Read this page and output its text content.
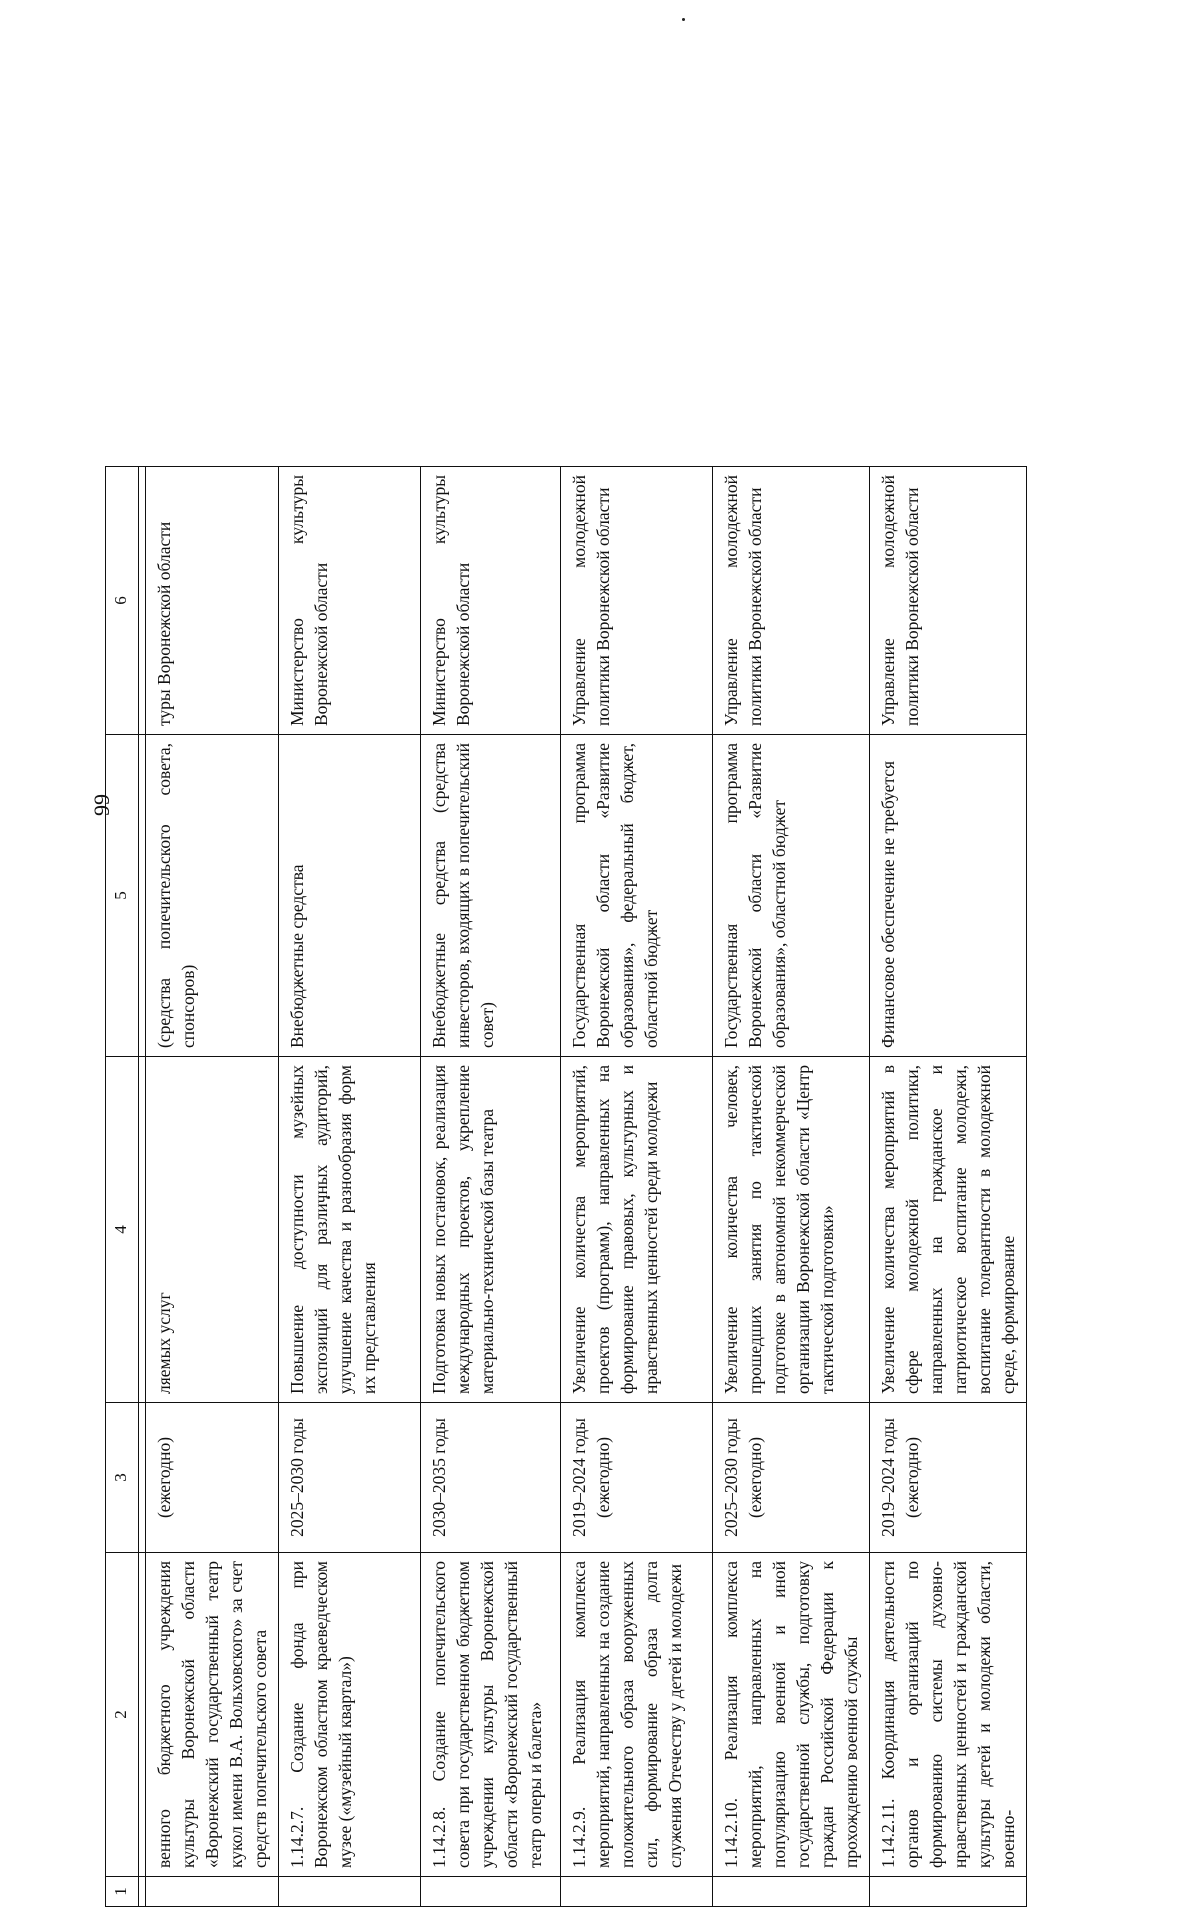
99
1	2	3	4	5	6

	венного бюджетного учреждения культуры Воронежской области «Воронежский государственный театр кукол имени В.А. Вольховского» за счет средств попечительского совета	(ежегодно)	ляемых услуг	(средства попечительского совета, спонсоров)	туры Воронежской области
	1.14.2.7. Создание фонда при Воронежском областном краеведческом музее («музейный квартал»)	2025–2030 годы	Повышение доступности музейных экспозиций для различных аудиторий, улучшение качества и разнообразия форм их представления	Внебюджетные средства	Министерство культуры Воронежской области
	1.14.2.8. Создание попечительского совета при государственном бюджетном учреждении культуры Воронежской области «Воронежский государственный театр оперы и балета»	2030–2035 годы	Подготовка новых постановок, реализация международных проектов, укрепление материально-технической базы театра	Внебюджетные средства (средства инвесторов, входящих в попечительский совет)	Министерство культуры Воронежской области
	1.14.2.9. Реализация комплекса мероприятий, направленных на создание положительного образа вооруженных сил, формирование образа долга служения Отечеству у детей и молодежи	2019–2024 годы (ежегодно)	Увеличение количества мероприятий, проектов (программ), направленных на формирование правовых, культурных и нравственных ценностей среди молодежи	Государственная программа Воронежской области «Развитие образования», федеральный бюджет, областной бюджет	Управление молодежной политики Воронежской области
	1.14.2.10. Реализация комплекса мероприятий, направленных на популяризацию военной и иной государственной службы, подготовку граждан Российской Федерации к прохождению военной службы	2025–2030 годы (ежегодно)	Увеличение количества человек, прошедших занятия по тактической подготовке в автономной некоммерческой организации Воронежской области «Центр тактической подготовки»	Государственная программа Воронежской области «Развитие образования», областной бюджет	Управление молодежной политики Воронежской области
	1.14.2.11. Координация деятельности органов и организаций по формированию системы духовно-нравственных ценностей и гражданской культуры детей и молодежи области, военно-	2019–2024 годы (ежегодно)	Увеличение количества мероприятий в сфере молодежной политики, направленных на гражданское и патриотическое воспитание молодежи, воспитание толерантности в молодежной среде, формирование	Финансовое обеспечение не требуется	Управление молодежной политики Воронежской области
